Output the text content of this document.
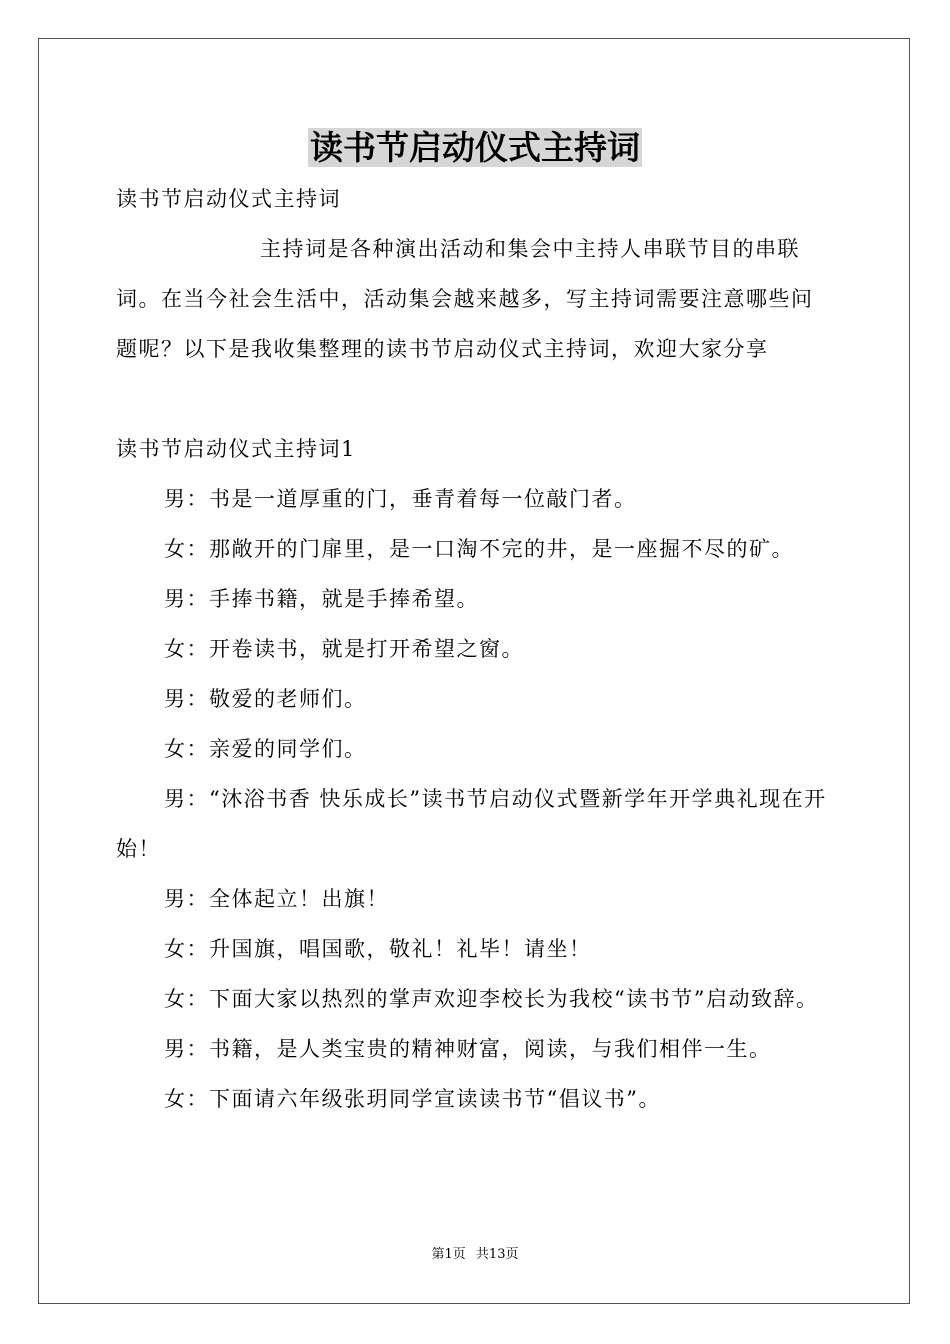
读书节启动仪式主持词

读书节启动仪式主持词

主持词是各种演出活动和集会中主持人串联节目的串联词。在当今社会生活中，活动集会越来越多，写主持词需要注意哪些问题呢？以下是我收集整理的读书节启动仪式主持词，欢迎大家分享

读书节启动仪式主持词1

男：书是一道厚重的门，垂青着每一位敲门者。

女：那敞开的门扉里，是一口淘不完的井，是一座掘不尽的矿。

男：手捧书籍，就是手捧希望。

女：开卷读书，就是打开希望之窗。

男：敬爱的老师们。

女：亲爱的同学们。

男：“沐浴书香 快乐成长”读书节启动仪式暨新学年开学典礼现在开始！

男：全体起立！出旗！

女：升国旗，唱国歌，敬礼！礼毕！请坐！

女：下面大家以热烈的掌声欢迎李校长为我校“读书节”启动致辞。

男：书籍，是人类宝贵的精神财富，阅读，与我们相伴一生。

女：下面请六年级张玥同学宣读读书节“倡议书”。

第1页 共13页
